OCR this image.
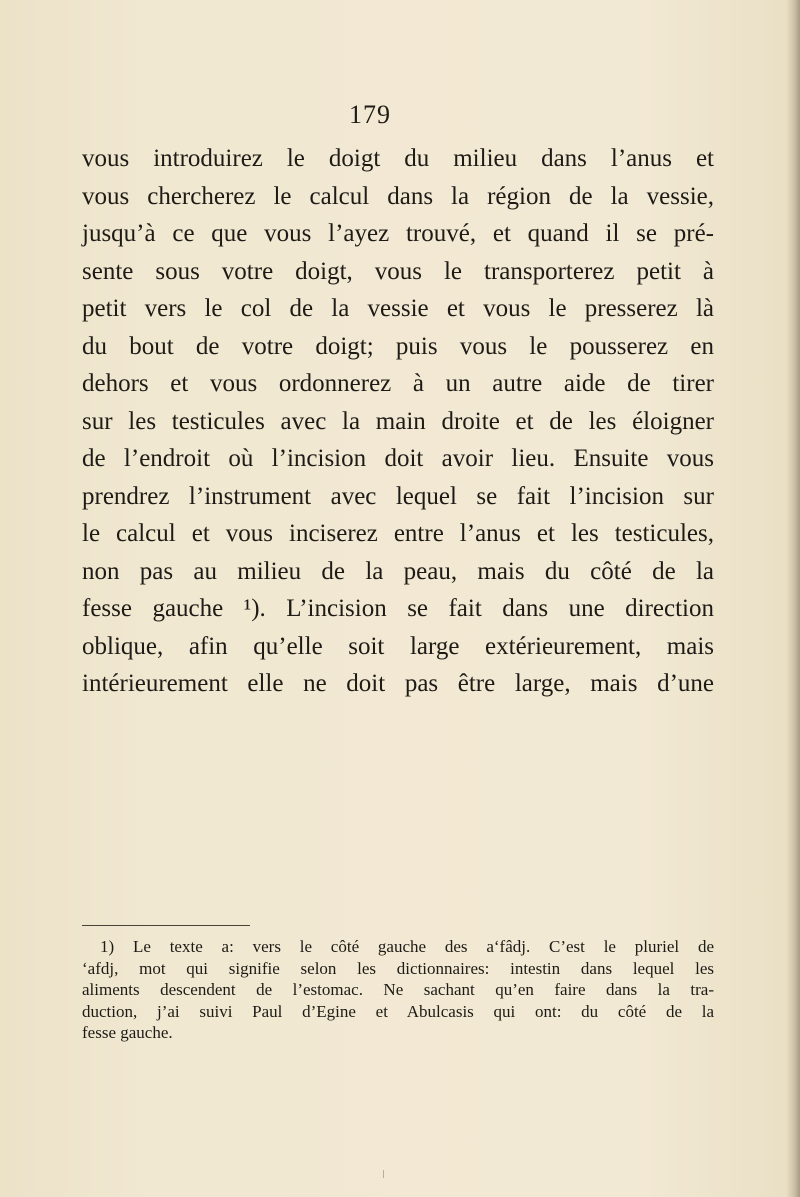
179
vous introduirez le doigt du milieu dans l’anus et
vous chercherez le calcul dans la région de la vessie,
jusqu’à ce que vous l’ayez trouvé, et quand il se pré-
sente sous votre doigt, vous le transporterez petit à
petit vers le col de la vessie et vous le presserez là
du bout de votre doigt; puis vous le pousserez en
dehors et vous ordonnerez à un autre aide de tirer
sur les testicules avec la main droite et de les éloigner
de l’endroit où l’incision doit avoir lieu. Ensuite vous
prendrez l’instrument avec lequel se fait l’incision sur
le calcul et vous inciserez entre l’anus et les testicules,
non pas au milieu de la peau, mais du côté de la
fesse gauche ¹). L’incision se fait dans une direction
oblique, afin qu’elle soit large extérieurement, mais
intérieurement elle ne doit pas être large, mais d’une
1) Le texte a: vers le côté gauche des a‘fâdj. C’est le pluriel de
‘afdj, mot qui signifie selon les dictionnaires: intestin dans lequel les
aliments descendent de l’estomac. Ne sachant qu’en faire dans la tra-
duction, j’ai suivi Paul d’Egine et Abulcasis qui ont: du côté de la
fesse gauche.
